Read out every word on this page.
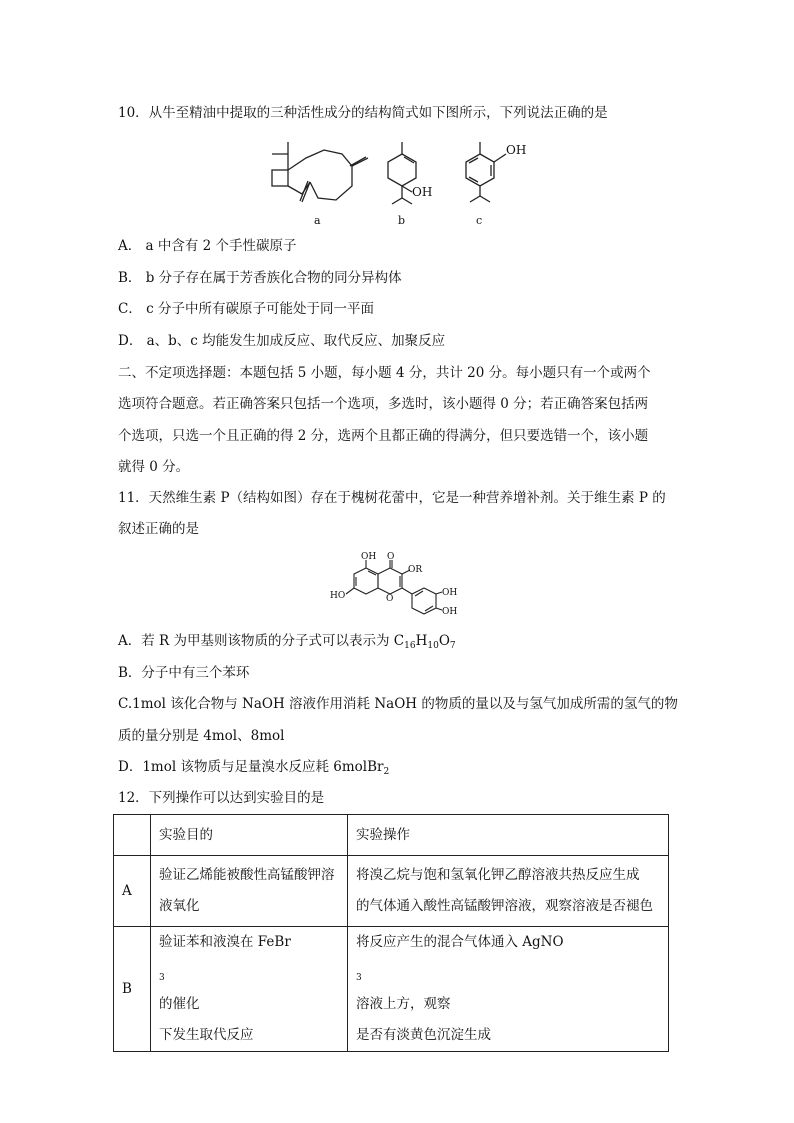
10．从牛至精油中提取的三种活性成分的结构简式如下图所示，下列说法正确的是
a
OH
b
OH
c
A． a 中含有 2 个手性碳原子
B． b 分子存在属于芳香族化合物的同分异构体
C． c 分子中所有碳原子可能处于同一平面
D． a、b、c 均能发生加成反应、取代反应、加聚反应
二、不定项选择题：本题包括 5 小题，每小题 4 分，共计 20 分。每小题只有一个或两个
选项符合题意。若正确答案只包括一个选项，多选时，该小题得 0 分；若正确答案包括两
个选项，只选一个且正确的得 2 分，选两个且都正确的得满分，但只要选错一个，该小题
就得 0 分。
11．天然维生素 P（结构如图）存在于槐树花蕾中，它是一种营养增补剂。关于维生素 P 的
叙述正确的是
OH O
OR
HO	O
OH
OH
A．若 R 为甲基则该物质的分子式可以表示为 $C_{16}H_{10}O_7$
B．分子中有三个苯环
C.1mol 该化合物与 NaOH 溶液作用消耗 NaOH 的物质的量以及与氢气加成所需的氢气的物
质的量分别是 4mol、8mol
D．1mol 该物质与足量溴水反应耗 6molBr$_2$
12．下列操作可以达到实验目的是
	实验目的	实验操作
A	验证乙烯能被酸性高锰酸钾溶
液氧化	将溴乙烷与饱和氢氧化钾乙醇溶液共热反应生成
的气体通入酸性高锰酸钾溶液，观察溶液是否褪色

B	验证苯和液溴在 FeBr
$_3$
的催化
下发生取代反应	将反应产生的混合气体通入 AgNO
$_3$
溶液上方，观察
是否有淡黄色沉淀生成
